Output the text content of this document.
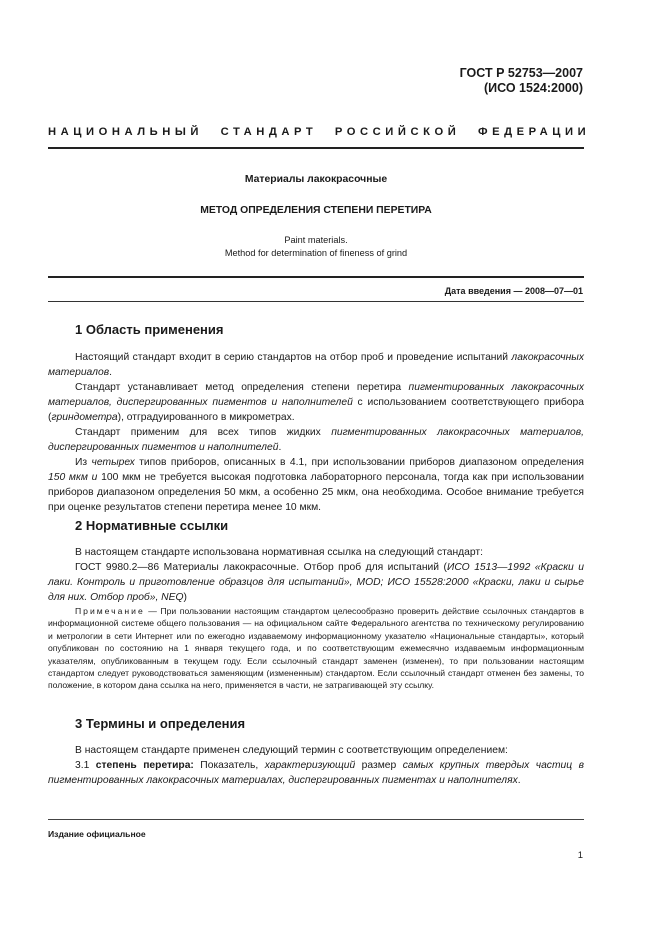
ГОСТ Р 52753—2007
(ИСО 1524:2000)
НАЦИОНАЛЬНЫЙ СТАНДАРТ РОССИЙСКОЙ ФЕДЕРАЦИИ
Материалы лакокрасочные
МЕТОД ОПРЕДЕЛЕНИЯ СТЕПЕНИ ПЕРЕТИРА
Paint materials.
Method for determination of fineness of grind
Дата введения — 2008—07—01
1 Область применения

Настоящий стандарт входит в серию стандартов на отбор проб и проведение испытаний лакокрасочных материалов.

Стандарт устанавливает метод определения степени перетира пигментированных лакокрасочных материалов, диспергированных пигментов и наполнителей с использованием соответствующего прибора (гриндометра), отградуированного в микрометрах.

Стандарт применим для всех типов жидких пигментированных лакокрасочных материалов, диспергированных пигментов и наполнителей.

Из четырех типов приборов, описанных в 4.1, при использовании приборов диапазоном определения 150 мкм и 100 мкм не требуется высокая подготовка лабораторного персонала, тогда как при использовании приборов диапазоном определения 50 мкм, а особенно 25 мкм, она необходима. Особое внимание требуется при оценке результатов степени перетира менее 10 мкм.

2 Нормативные ссылки

В настоящем стандарте использована нормативная ссылка на следующий стандарт:

ГОСТ 9980.2—86 Материалы лакокрасочные. Отбор проб для испытаний (ИСО 1513—1992 «Краски и лаки. Контроль и приготовление образцов для испытаний», MOD; ИСО 15528:2000 «Краски, лаки и сырье для них. Отбор проб», NEQ)

Примечание — При пользовании настоящим стандартом целесообразно проверить действие ссылочных стандартов в информационной системе общего пользования — на официальном сайте Федерального агентства по техническому регулированию и метрологии в сети Интернет или по ежегодно издаваемому информационному указателю «Национальные стандарты», который опубликован по состоянию на 1 января текущего года, и по соответствующим ежемесячно издаваемым информационным указателям, опубликованным в текущем году. Если ссылочный стандарт заменен (изменен), то при пользовании настоящим стандартом следует руководствоваться заменяющим (измененным) стандартом. Если ссылочный стандарт отменен без замены, то положение, в котором дана ссылка на него, применяется в части, не затрагивающей эту ссылку.

3 Термины и определения

В настоящем стандарте применен следующий термин с соответствующим определением:

3.1 степень перетира: Показатель, характеризующий размер самых крупных твердых частиц в пигментированных лакокрасочных материалах, диспергированных пигментах и наполнителях.

Издание официальное
1
